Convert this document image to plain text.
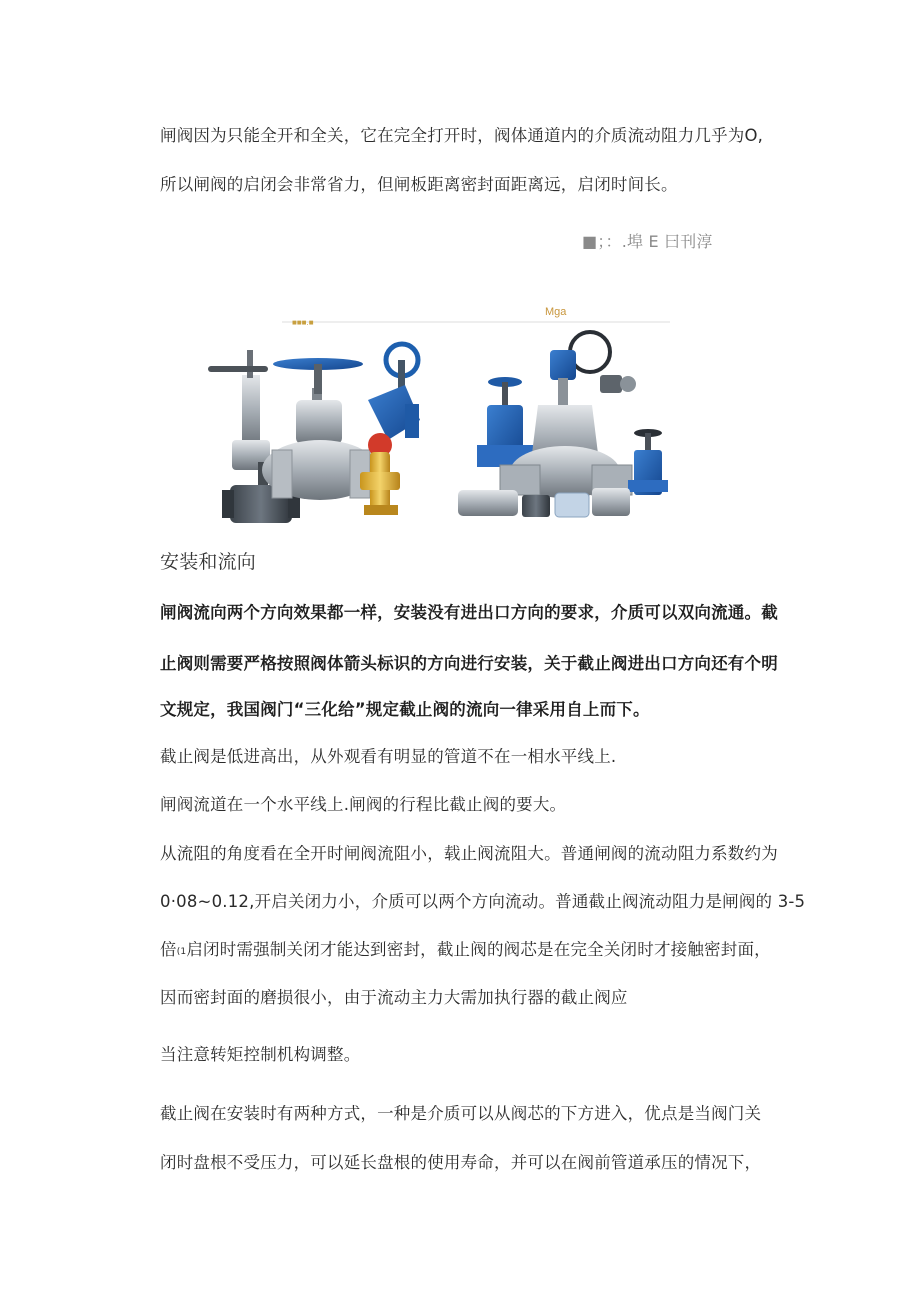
闸阀因为只能全开和全关，它在完全打开时，阀体通道内的介质流动阻力几乎为O,
所以闸阀的启闭会非常省力，但闸板距离密封面距离远，启闭时间长。
■；：.埠 E 曰刊淳
■■■.■
Mga
安装和流向
闸阀流向两个方向效果都一样，安装没有进出口方向的要求，介质可以双向流通。截
止阀则需要严格按照阀体箭头标识的方向进行安装，关于截止阀进出口方向还有个明
文规定，我国阀门“三化给”规定截止阀的流向一律采用自上而下。
截止阀是低进高出，从外观看有明显的管道不在一相水平线上.
闸阀流道在一个水平线上.闸阀的行程比截止阀的要大。
从流阻的角度看在全开时闸阀流阻小，载止阀流阻大。普通闸阀的流动阻力系数约为
0·08~0.12,开启关闭力小，介质可以两个方向流动。普通截止阀流动阻力是闸阀的 3-5
倍(1启闭时需强制关闭才能达到密封，截止阀的阀芯是在完全关闭时才接触密封面，
因而密封面的磨损很小，由于流动主力大需加执行器的截止阀应
当注意转矩控制机构调整。
截止阀在安装时有两种方式，一种是介质可以从阀芯的下方进入，优点是当阀门关
闭时盘根不受压力，可以延长盘根的使用寿命，并可以在阀前管道承压的情况下，
